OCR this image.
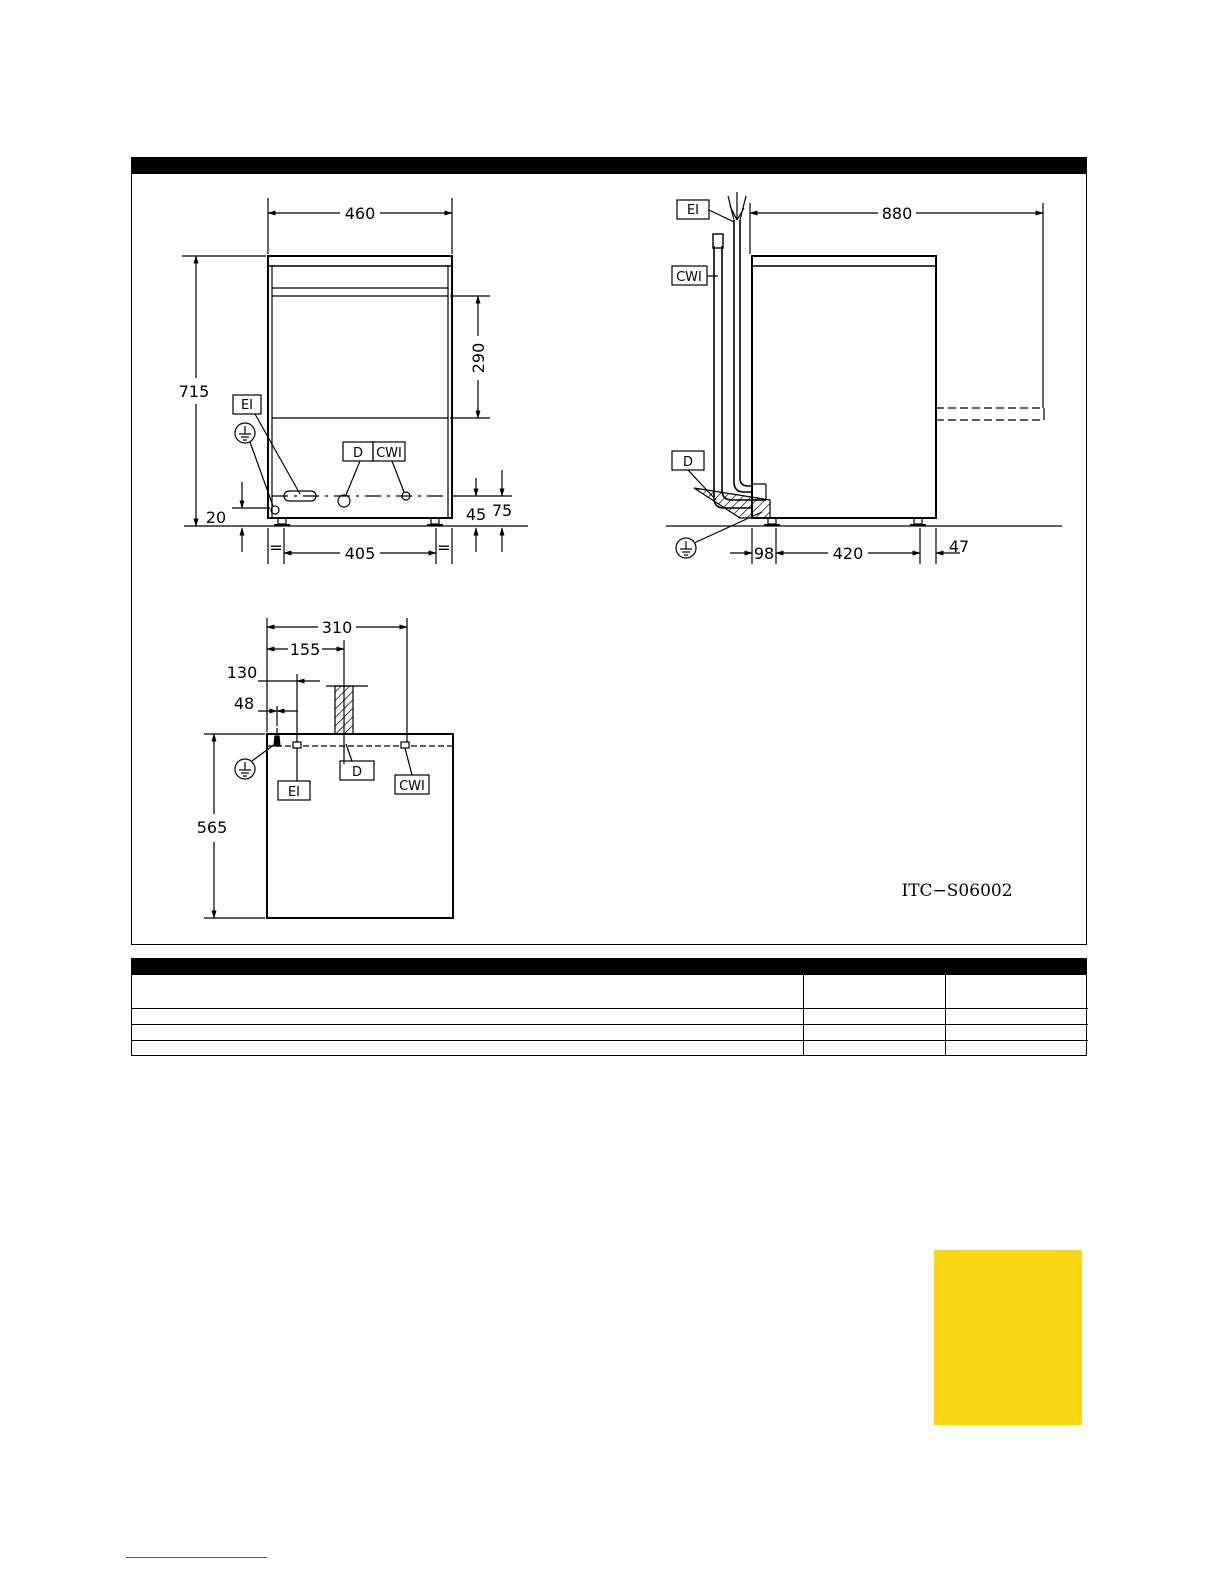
460
715
290
20	45 75
405
=	=
880
98	420	47
310
155
130
48
565
EI
D CWI
EI
CWI
D
EI
D
CWI
ITC−S06002
